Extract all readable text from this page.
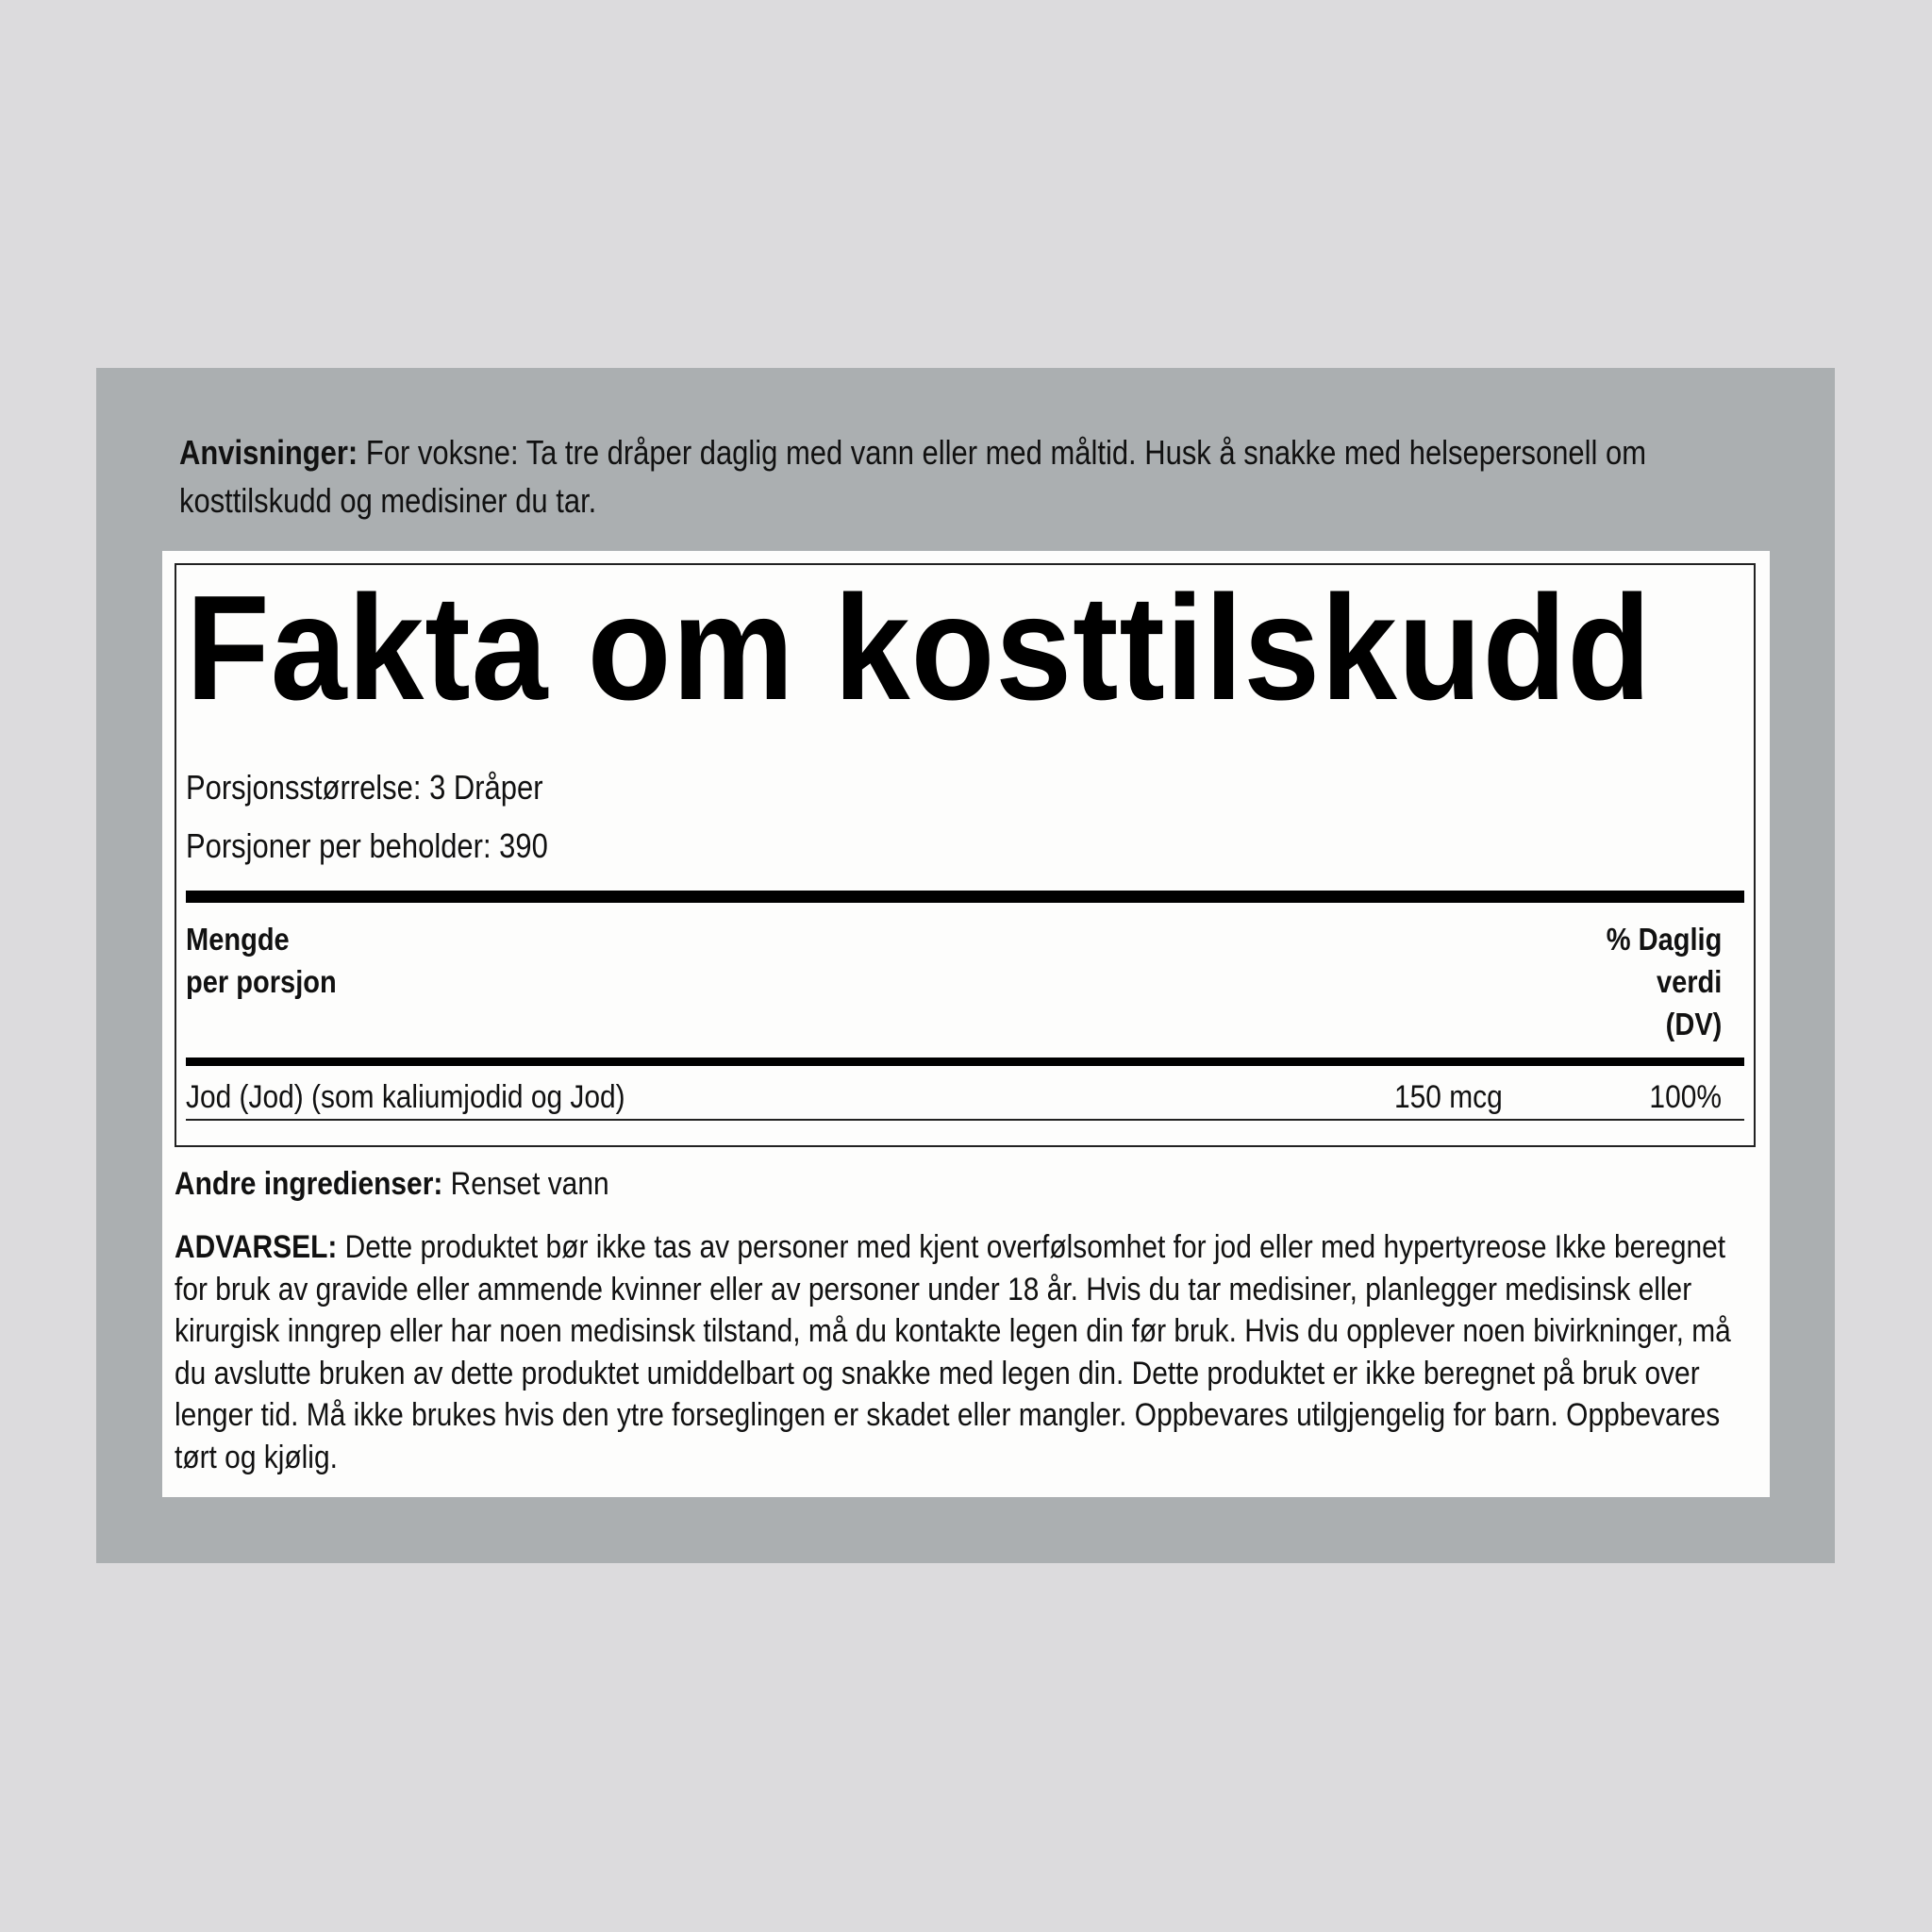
Anvisninger: For voksne: Ta tre dråper daglig med vann eller med måltid. Husk å snakke med helsepersonell om kosttilskudd og medisiner du tar.
Fakta om kosttilskudd
Porsjonsstørrelse: 3 Dråper
Porsjoner per beholder: 390
Mengde
per porsjon
% Daglig
verdi
(DV)
Jod (Jod) (som kaliumjodid og Jod)	150 mcg	100%
Andre ingredienser: Renset vann
ADVARSEL: Dette produktet bør ikke tas av personer med kjent overfølsomhet for jod eller med hypertyreose Ikke beregnet for bruk av gravide eller ammende kvinner eller av personer under 18 år. Hvis du tar medisiner, planlegger medisinsk eller kirurgisk inngrep eller har noen medisinsk tilstand, må du kontakte legen din før bruk. Hvis du opplever noen bivirkninger, må du avslutte bruken av dette produktet umiddelbart og snakke med legen din. Dette produktet er ikke beregnet på bruk over lenger tid. Må ikke brukes hvis den ytre forseglingen er skadet eller mangler. Oppbevares utilgjengelig for barn. Oppbevares tørt og kjølig.
